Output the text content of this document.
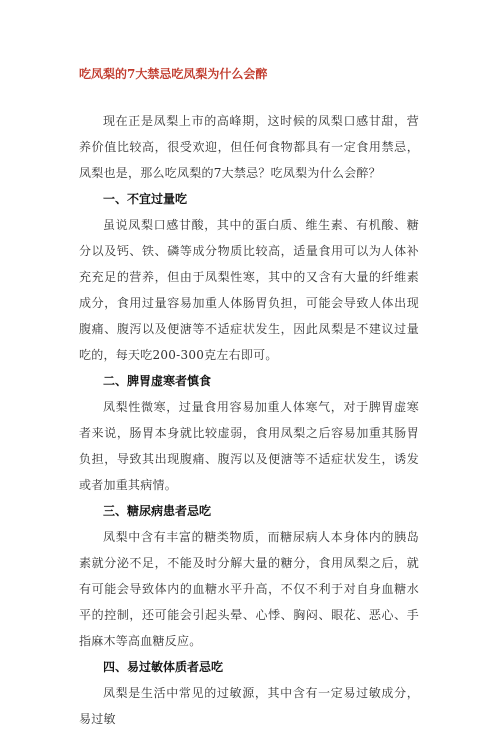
吃凤梨的7大禁忌吃凤梨为什么会醉

现在正是凤梨上市的高峰期，这时候的凤梨口感甘甜，营养价值比较高，很受欢迎，但任何食物都具有一定食用禁忌，凤梨也是，那么吃凤梨的7大禁忌？吃凤梨为什么会醉？

一、不宜过量吃

虽说凤梨口感甘酸，其中的蛋白质、维生素、有机酸、糖分以及钙、铁、磷等成分物质比较高，适量食用可以为人体补充充足的营养，但由于凤梨性寒，其中的又含有大量的纤维素成分，食用过量容易加重人体肠胃负担，可能会导致人体出现腹痛、腹泻以及便溏等不适症状发生，因此凤梨是不建议过量吃的，每天吃200-300克左右即可。

二、脾胃虚寒者慎食

凤梨性微寒，过量食用容易加重人体寒气，对于脾胃虚寒者来说，肠胃本身就比较虚弱，食用凤梨之后容易加重其肠胃负担，导致其出现腹痛、腹泻以及便溏等不适症状发生，诱发或者加重其病情。

三、糖尿病患者忌吃

凤梨中含有丰富的糖类物质，而糖尿病人本身体内的胰岛素就分泌不足，不能及时分解大量的糖分，食用凤梨之后，就有可能会导致体内的血糖水平升高，不仅不利于对自身血糖水平的控制，还可能会引起头晕、心悸、胸闷、眼花、恶心、手指麻木等高血糖反应。

四、易过敏体质者忌吃

凤梨是生活中常见的过敏源，其中含有一定易过敏成分，易过敏
